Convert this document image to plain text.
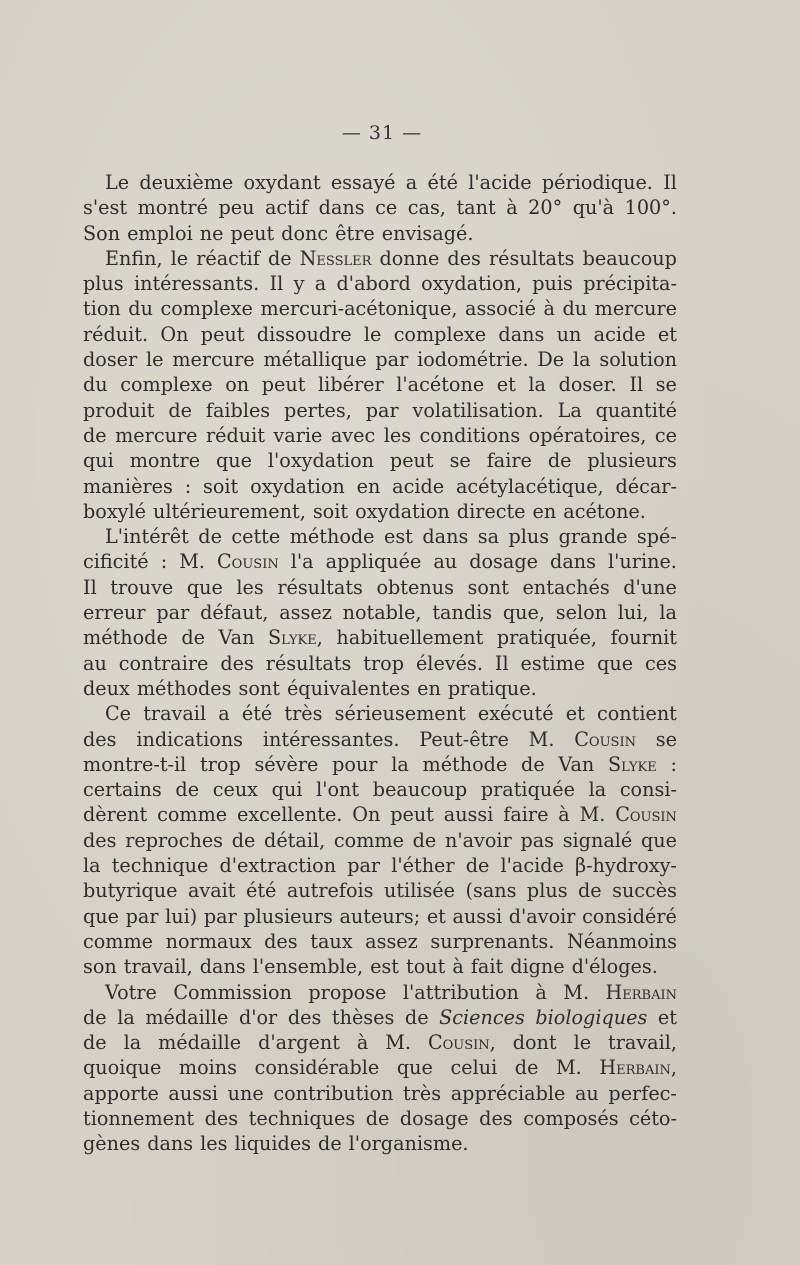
— 31 —
Le deuxième oxydant essayé a été l'acide périodique. Il
s'est montré peu actif dans ce cas, tant à 20° qu'à 100°.
Son emploi ne peut donc être envisagé.
Enfin, le réactif de Nessler donne des résultats beaucoup
plus intéressants. Il y a d'abord oxydation, puis précipita-
tion du complexe mercuri-acétonique, associé à du mercure
réduit. On peut dissoudre le complexe dans un acide et
doser le mercure métallique par iodométrie. De la solution
du complexe on peut libérer l'acétone et la doser. Il se
produit de faibles pertes, par volatilisation. La quantité
de mercure réduit varie avec les conditions opératoires, ce
qui montre que l'oxydation peut se faire de plusieurs
manières : soit oxydation en acide acétylacétique, décar-
boxylé ultérieurement, soit oxydation directe en acétone.
L'intérêt de cette méthode est dans sa plus grande spé-
cificité : M. Cousin l'a appliquée au dosage dans l'urine.
Il trouve que les résultats obtenus sont entachés d'une
erreur par défaut, assez notable, tandis que, selon lui, la
méthode de Van Slyke, habituellement pratiquée, fournit
au contraire des résultats trop élevés. Il estime que ces
deux méthodes sont équivalentes en pratique.
Ce travail a été très sérieusement exécuté et contient
des indications intéressantes. Peut-être M. Cousin se
montre-t-il trop sévère pour la méthode de Van Slyke :
certains de ceux qui l'ont beaucoup pratiquée la consi-
dèrent comme excellente. On peut aussi faire à M. Cousin
des reproches de détail, comme de n'avoir pas signalé que
la technique d'extraction par l'éther de l'acide β-hydroxy-
butyrique avait été autrefois utilisée (sans plus de succès
que par lui) par plusieurs auteurs; et aussi d'avoir considéré
comme normaux des taux assez surprenants. Néanmoins
son travail, dans l'ensemble, est tout à fait digne d'éloges.
Votre Commission propose l'attribution à M. Herbain
de la médaille d'or des thèses de Sciences biologiques et
de la médaille d'argent à M. Cousin, dont le travail,
quoique moins considérable que celui de M. Herbain,
apporte aussi une contribution très appréciable au perfec-
tionnement des techniques de dosage des composés céto-
gènes dans les liquides de l'organisme.
